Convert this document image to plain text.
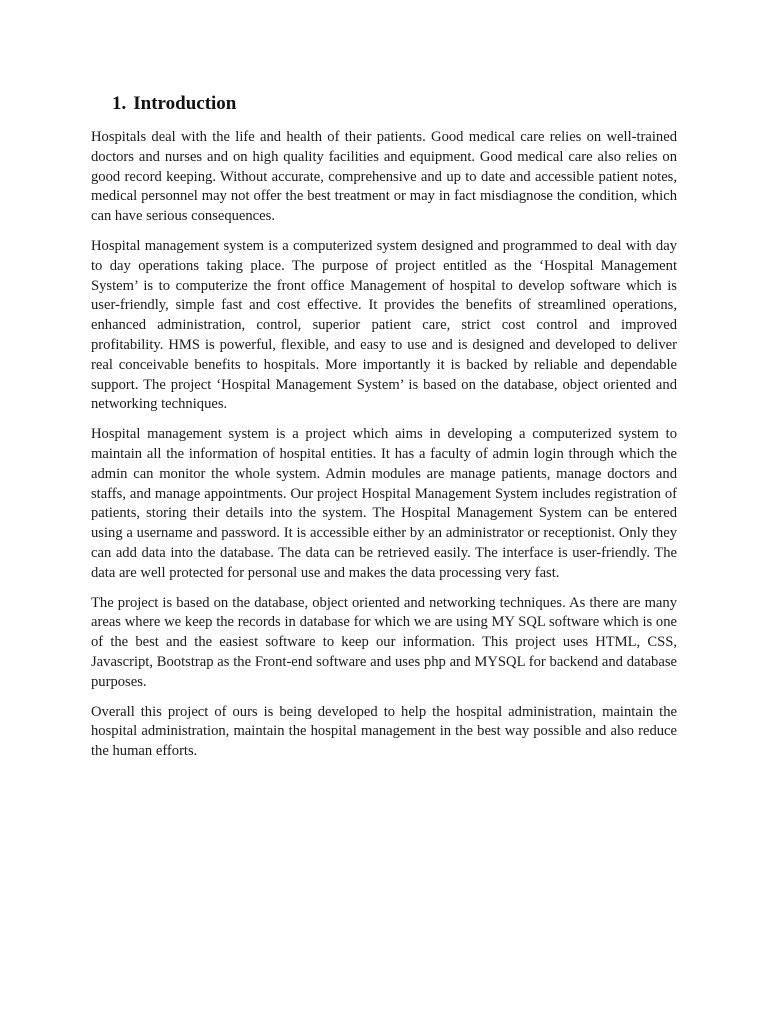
1. Introduction

Hospitals deal with the life and health of their patients. Good medical care relies on well-trained doctors and nurses and on high quality facilities and equipment. Good medical care also relies on good record keeping. Without accurate, comprehensive and up to date and accessible patient notes, medical personnel may not offer the best treatment or may in fact misdiagnose the condition, which can have serious consequences.

Hospital management system is a computerized system designed and programmed to deal with day to day operations taking place. The purpose of project entitled as the ‘Hospital Management System’ is to computerize the front office Management of hospital to develop software which is user-friendly, simple fast and cost effective. It provides the benefits of streamlined operations, enhanced administration, control, superior patient care, strict cost control and improved profitability. HMS is powerful, flexible, and easy to use and is designed and developed to deliver real conceivable benefits to hospitals. More importantly it is backed by reliable and dependable support. The project ‘Hospital Management System’ is based on the database, object oriented and networking techniques.

Hospital management system is a project which aims in developing a computerized system to maintain all the information of hospital entities. It has a faculty of admin login through which the admin can monitor the whole system. Admin modules are manage patients, manage doctors and staffs, and manage appointments. Our project Hospital Management System includes registration of patients, storing their details into the system. The Hospital Management System can be entered using a username and password. It is accessible either by an administrator or receptionist. Only they can add data into the database. The data can be retrieved easily. The interface is user-friendly. The data are well protected for personal use and makes the data processing very fast.

The project is based on the database, object oriented and networking techniques. As there are many areas where we keep the records in database for which we are using MY SQL software which is one of the best and the easiest software to keep our information. This project uses HTML, CSS, Javascript, Bootstrap as the Front-end software and uses php and MYSQL for backend and database purposes.

Overall this project of ours is being developed to help the hospital administration, maintain the hospital administration, maintain the hospital management in the best way possible and also reduce the human efforts.
